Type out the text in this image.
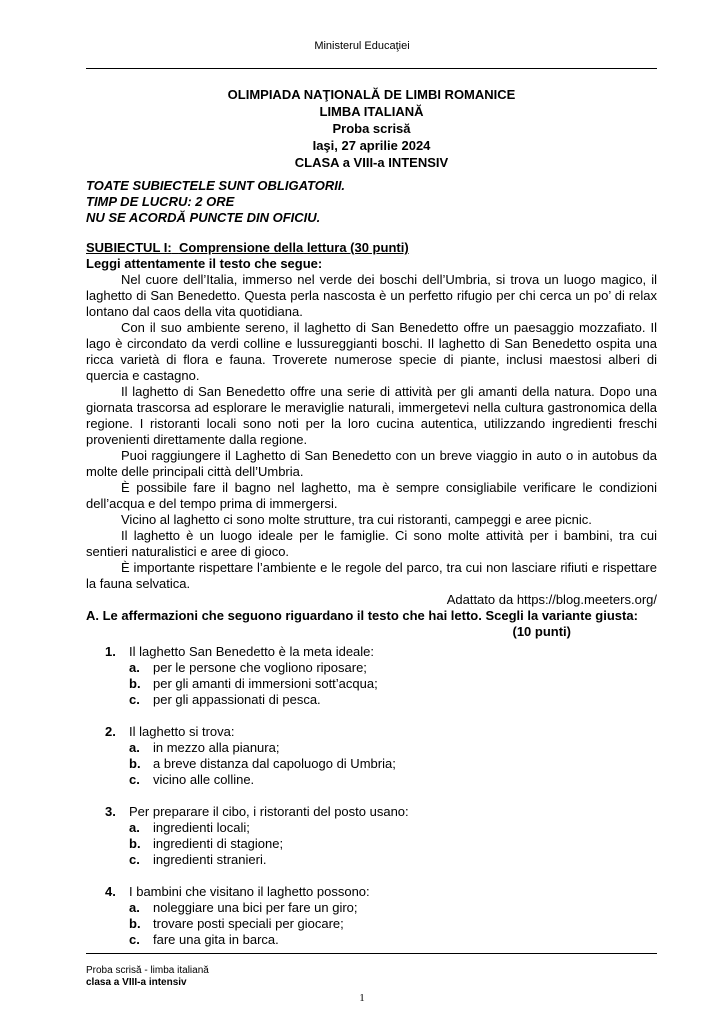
Ministerul Educaţiei
OLIMPIADA NAŢIONALĂ DE LIMBI ROMANICE
LIMBA ITALIANĂ
Proba scrisă
Iaşi, 27 aprilie 2024
CLASA a VIII-a INTENSIV
TOATE SUBIECTELE SUNT OBLIGATORII.
TIMP DE LUCRU: 2 ORE
NU SE ACORDĂ PUNCTE DIN OFICIU.
SUBIECTUL I: Comprensione della lettura (30 punti)
Leggi attentamente il testo che segue:

Nel cuore dell’Italia, immerso nel verde dei boschi dell’Umbria, si trova un luogo magico, il laghetto di San Benedetto. Questa perla nascosta è un perfetto rifugio per chi cerca un po’ di relax lontano dal caos della vita quotidiana.

Con il suo ambiente sereno, il laghetto di San Benedetto offre un paesaggio mozzafiato. Il lago è circondato da verdi colline e lussureggianti boschi. Il laghetto di San Benedetto ospita una ricca varietà di flora e fauna. Troverete numerose specie di piante, inclusi maestosi alberi di quercia e castagno.

Il laghetto di San Benedetto offre una serie di attività per gli amanti della natura. Dopo una giornata trascorsa ad esplorare le meraviglie naturali, immergetevi nella cultura gastronomica della regione. I ristoranti locali sono noti per la loro cucina autentica, utilizzando ingredienti freschi provenienti direttamente dalla regione.

Puoi raggiungere il Laghetto di San Benedetto con un breve viaggio in auto o in autobus da molte delle principali città dell’Umbria.

È possibile fare il bagno nel laghetto, ma è sempre consigliabile verificare le condizioni dell’acqua e del tempo prima di immergersi.

Vicino al laghetto ci sono molte strutture, tra cui ristoranti, campeggi e aree picnic.

Il laghetto è un luogo ideale per le famiglie. Ci sono molte attività per i bambini, tra cui sentieri naturalistici e aree di gioco.

È importante rispettare l’ambiente e le regole del parco, tra cui non lasciare rifiuti e rispettare la fauna selvatica.

Adattato da https://blog.meeters.org/

A. Le affermazioni che seguono riguardano il testo che hai letto. Scegli la variante giusta:
(10 punti)
1.	Il laghetto San Benedetto è la meta ideale:
a.	per le persone che vogliono riposare;
b. per gli amanti di immersioni sott’acqua;
c.	per gli appassionati di pesca.
2.	Il laghetto si trova:
a.	in mezzo alla pianura;
b. a breve distanza dal capoluogo di Umbria;
c.	vicino alle colline.
3.	Per preparare il cibo, i ristoranti del posto usano:
a.	ingredienti locali;
b. ingredienti di stagione;
c.	ingredienti stranieri.
4.	I bambini che visitano il laghetto possono:
a.	noleggiare una bici per fare un giro;
b. trovare posti speciali per giocare;
c.	fare una gita in barca.
Proba scrisă - limba italiană
clasa a VIII-a intensiv
1
